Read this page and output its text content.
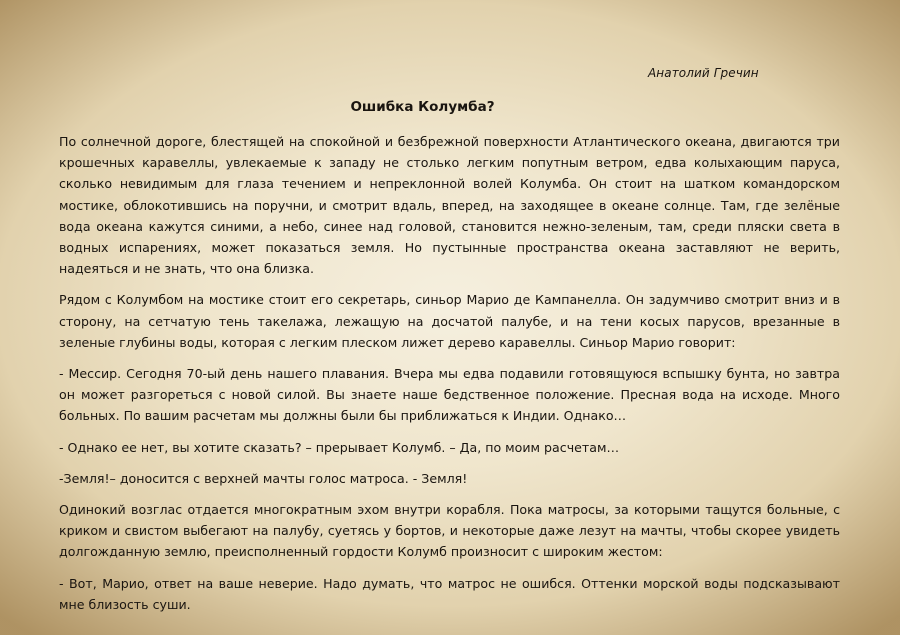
Анатолий Гречин
Ошибка Колумба?

По солнечной дороге, блестящей на спокойной и безбрежной поверхности Атлантического океана, двигаются три крошечных каравеллы, увлекаемые к западу не столько легким попутным ветром, едва колыхающим паруса, сколько невидимым для глаза течением и непреклонной волей Колумба. Он стоит на шатком командорском мостике, облокотившись на поручни, и смотрит вдаль, вперед, на заходящее в океане солнце. Там, где зелёные вода океана кажутся синими, а небо, синее над головой, становится нежно-зеленым, там, среди пляски света в водных испарениях, может показаться земля. Но пустынные пространства океана заставляют не верить, надеяться и не знать, что она близка.

Рядом с Колумбом на мостике стоит его секретарь, синьор Марио де Кампанелла. Он задумчиво смотрит вниз и в сторону, на сетчатую тень такелажа, лежащую на досчатой палубе, и на тени косых парусов, врезанные в зеленые глубины воды, которая с легким плеском лижет дерево каравеллы. Синьор Марио говорит:

- Мессир. Сегодня 70-ый день нашего плавания. Вчера мы едва подавили готовящуюся вспышку бунта, но завтра он может разгореться с новой силой. Вы знаете наше бедственное положение. Пресная вода на исходе. Много больных. По вашим расчетам мы должны были бы приближаться к Индии. Однако…

- Однако ее нет, вы хотите сказать? – прерывает Колумб. – Да, по моим расчетам…

-Земля!– доносится с верхней мачты голос матроса. - Земля!

Одинокий возглас отдается многократным эхом внутри корабля. Пока матросы, за которыми тащутся больные, с криком и свистом выбегают на палубу, суетясь у бортов, и некоторые даже лезут на мачты, чтобы скорее увидеть долгожданную землю, преисполненный гордости Колумб произносит с широким жестом:

- Вот, Марио, ответ на ваше неверие. Надо думать, что матрос не ошибся. Оттенки морской воды подсказывают мне близость суши.
